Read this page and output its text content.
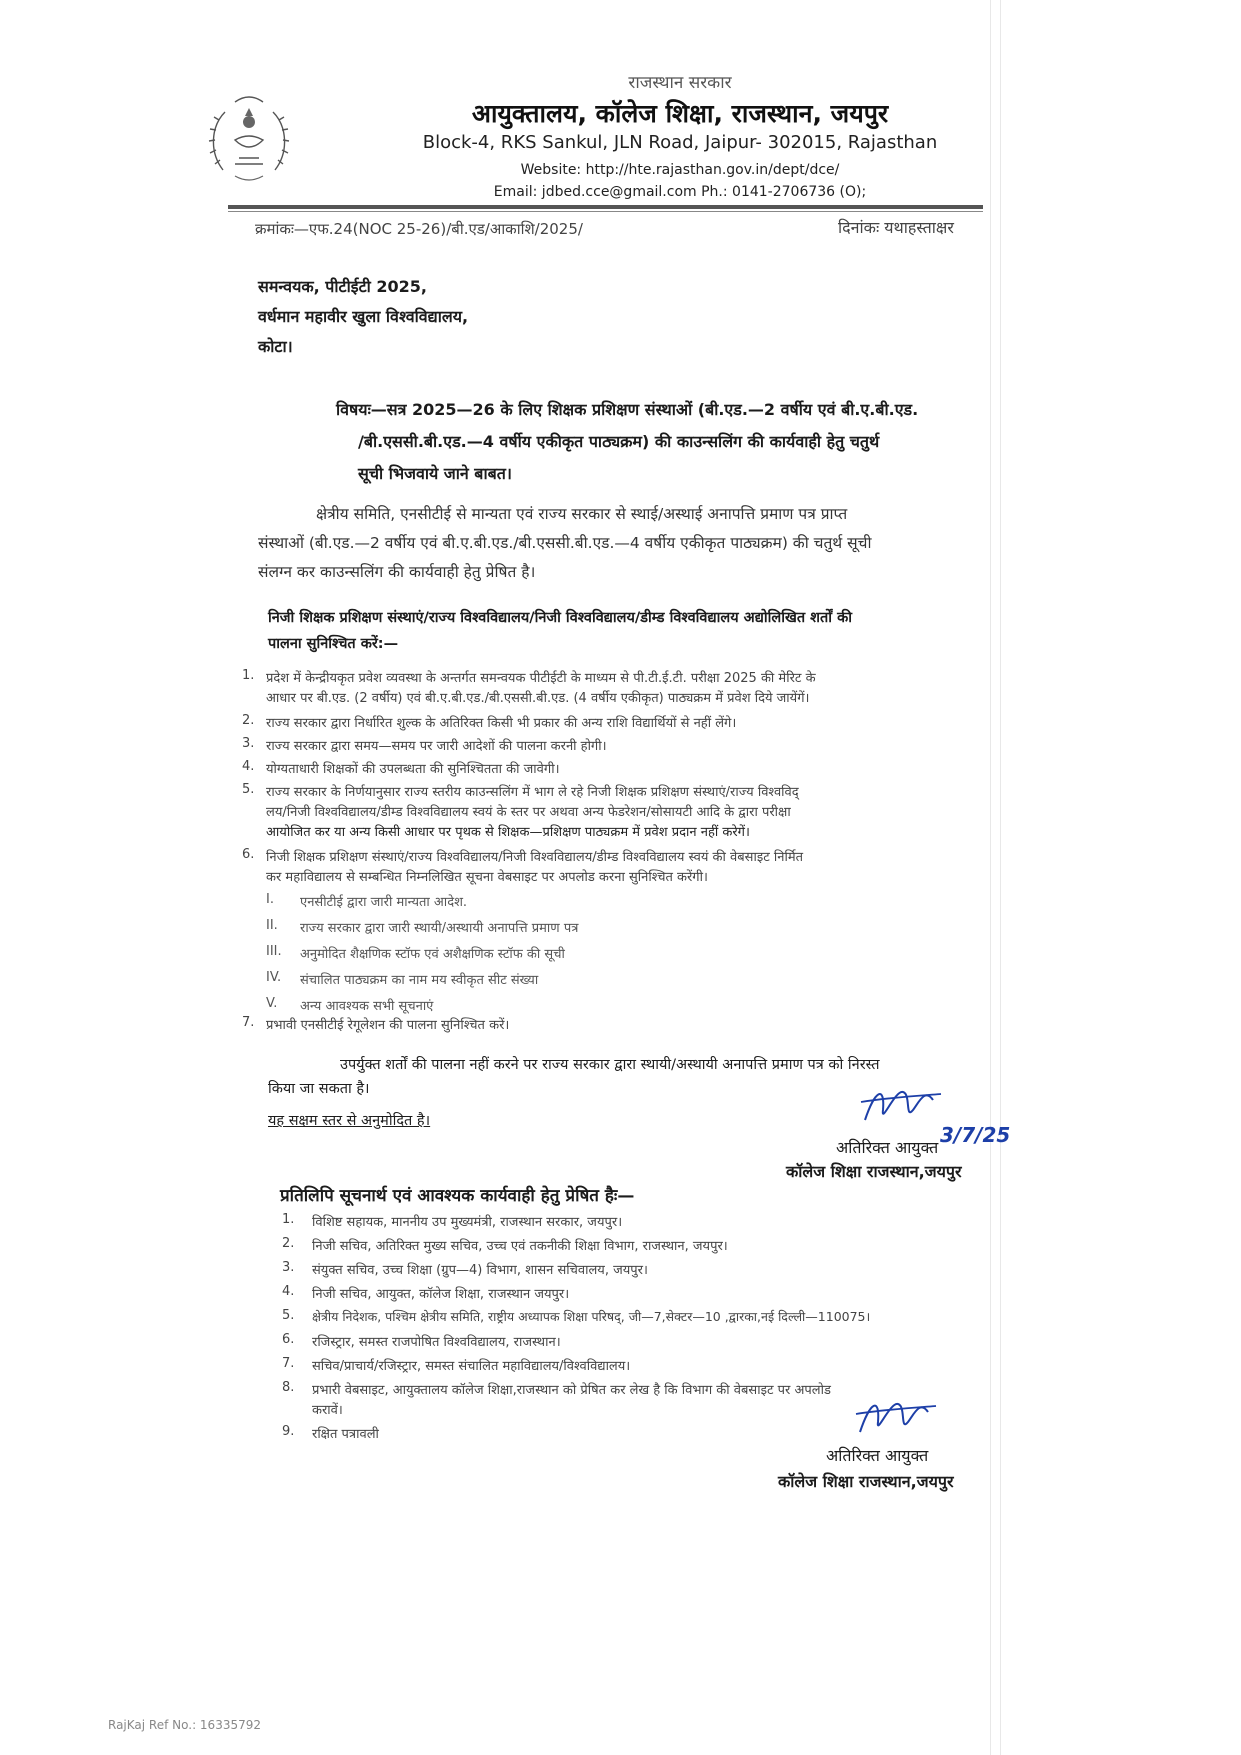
राजस्थान सरकार
आयुक्तालय, कॉलेज शिक्षा, राजस्थान, जयपुर
Block-4, RKS Sankul, JLN Road, Jaipur- 302015, Rajasthan
Website: http://hte.rajasthan.gov.in/dept/dce/
Email: jdbed.cce@gmail.com Ph.: 0141-2706736 (O);
क्रमांकः—एफ.24(NOC 25-26)/बी.एड/आकाशि/2025/	दिनांकः यथाहस्ताक्षर
समन्वयक, पीटीईटी 2025,
वर्धमान महावीर खुला विश्वविद्यालय,
कोटा।
विषयः—सत्र 2025—26 के लिए शिक्षक प्रशिक्षण संस्थाओं (बी.एड.—2 वर्षीय एवं बी.ए.बी.एड.
/बी.एससी.बी.एड.—4 वर्षीय एकीकृत पाठ्यक्रम) की काउन्सलिंग की कार्यवाही हेतु चतुर्थ
सूची भिजवाये जाने बाबत।
क्षेत्रीय समिति, एनसीटीई से मान्यता एवं राज्य सरकार से स्थाई/अस्थाई अनापत्ति प्रमाण पत्र प्राप्त
संस्थाओं (बी.एड.—2 वर्षीय एवं बी.ए.बी.एड./बी.एससी.बी.एड.—4 वर्षीय एकीकृत पाठ्यक्रम) की चतुर्थ सूची
संलग्न कर काउन्सलिंग की कार्यवाही हेतु प्रेषित है।
निजी शिक्षक प्रशिक्षण संस्थाएं/राज्य विश्वविद्यालय/निजी विश्वविद्यालय/डीम्ड विश्वविद्यालय अद्योलिखित शर्तों की
पालना सुनिश्चित करें:—
1. प्रदेश में केन्द्रीयकृत प्रवेश व्यवस्था के अन्तर्गत समन्वयक पीटीईटी के माध्यम से पी.टी.ई.टी. परीक्षा 2025 की मेरिट के
आधार पर बी.एड. (2 वर्षीय) एवं बी.ए.बी.एड./बी.एससी.बी.एड. (4 वर्षीय एकीकृत) पाठ्यक्रम में प्रवेश दिये जायेंगें।
2. राज्य सरकार द्वारा निर्धारित शुल्क के अतिरिक्त किसी भी प्रकार की अन्य राशि विद्यार्थियों से नहीं लेंगे।
3. राज्य सरकार द्वारा समय—समय पर जारी आदेशों की पालना करनी होगी।
4. योग्यताधारी शिक्षकों की उपलब्धता की सुनिश्चितता की जावेगी।
5. राज्य सरकार के निर्णयानुसार राज्य स्तरीय काउन्सलिंग में भाग ले रहे निजी शिक्षक प्रशिक्षण संस्थाएं/राज्य विश्वविद्
लय/निजी विश्वविद्यालय/डीम्ड विश्वविद्यालय स्वयं के स्तर पर अथवा अन्य फेडरेशन/सोसायटी आदि के द्वारा परीक्षा
आयोजित कर या अन्य किसी आधार पर पृथक से शिक्षक—प्रशिक्षण पाठ्यक्रम में प्रवेश प्रदान नहीं करेगें।
6. निजी शिक्षक प्रशिक्षण संस्थाएं/राज्य विश्वविद्यालय/निजी विश्वविद्यालय/डीम्ड विश्वविद्यालय स्वयं की वेबसाइट निर्मित
कर महाविद्यालय से सम्बन्धित निम्नलिखित सूचना वेबसाइट पर अपलोड करना सुनिश्चित करेंगी।
I. एनसीटीई द्वारा जारी मान्यता आदेश.
II. राज्य सरकार द्वारा जारी स्थायी/अस्थायी अनापत्ति प्रमाण पत्र
III. अनुमोदित शैक्षणिक स्टॉफ एवं अशैक्षणिक स्टॉफ की सूची
IV. संचालित पाठ्यक्रम का नाम मय स्वीकृत सीट संख्या
V. अन्य आवश्यक सभी सूचनाएं
7. प्रभावी एनसीटीई रेगूलेशन की पालना सुनिश्चित करें।
उपर्युक्त शर्तों की पालना नहीं करने पर राज्य सरकार द्वारा स्थायी/अस्थायी अनापत्ति प्रमाण पत्र को निरस्त
किया जा सकता है।
यह सक्षम स्तर से अनुमोदित है।
3/7/25
अतिरिक्त आयुक्त
कॉलेज शिक्षा राजस्थान,जयपुर
प्रतिलिपि सूचनार्थ एवं आवश्यक कार्यवाही हेतु प्रेषित हैः—
1. विशिष्ट सहायक, माननीय उप मुख्यमंत्री, राजस्थान सरकार, जयपुर।
2. निजी सचिव, अतिरिक्त मुख्य सचिव, उच्च एवं तकनीकी शिक्षा विभाग, राजस्थान, जयपुर।
3. संयुक्त सचिव, उच्च शिक्षा (ग्रुप—4) विभाग, शासन सचिवालय, जयपुर।
4. निजी सचिव, आयुक्त, कॉलेज शिक्षा, राजस्थान जयपुर।
5. क्षेत्रीय निदेशक, पश्चिम क्षेत्रीय समिति, राष्ट्रीय अध्यापक शिक्षा परिषद्, जी—7,सेक्टर—10 ,द्वारका,नई दिल्ली—110075।
6. रजिस्ट्रार, समस्त राजपोषित विश्वविद्यालय, राजस्थान।
7. सचिव/प्राचार्य/रजिस्ट्रार, समस्त संचालित महाविद्यालय/विश्वविद्यालय।
8. प्रभारी वेबसाइट, आयुक्तालय कॉलेज शिक्षा,राजस्थान को प्रेषित कर लेख है कि विभाग की वेबसाइट पर अपलोड
करावें।
9. रक्षित पत्रावली
अतिरिक्त आयुक्त
कॉलेज शिक्षा राजस्थान,जयपुर
RajKaj Ref No.: 16335792
